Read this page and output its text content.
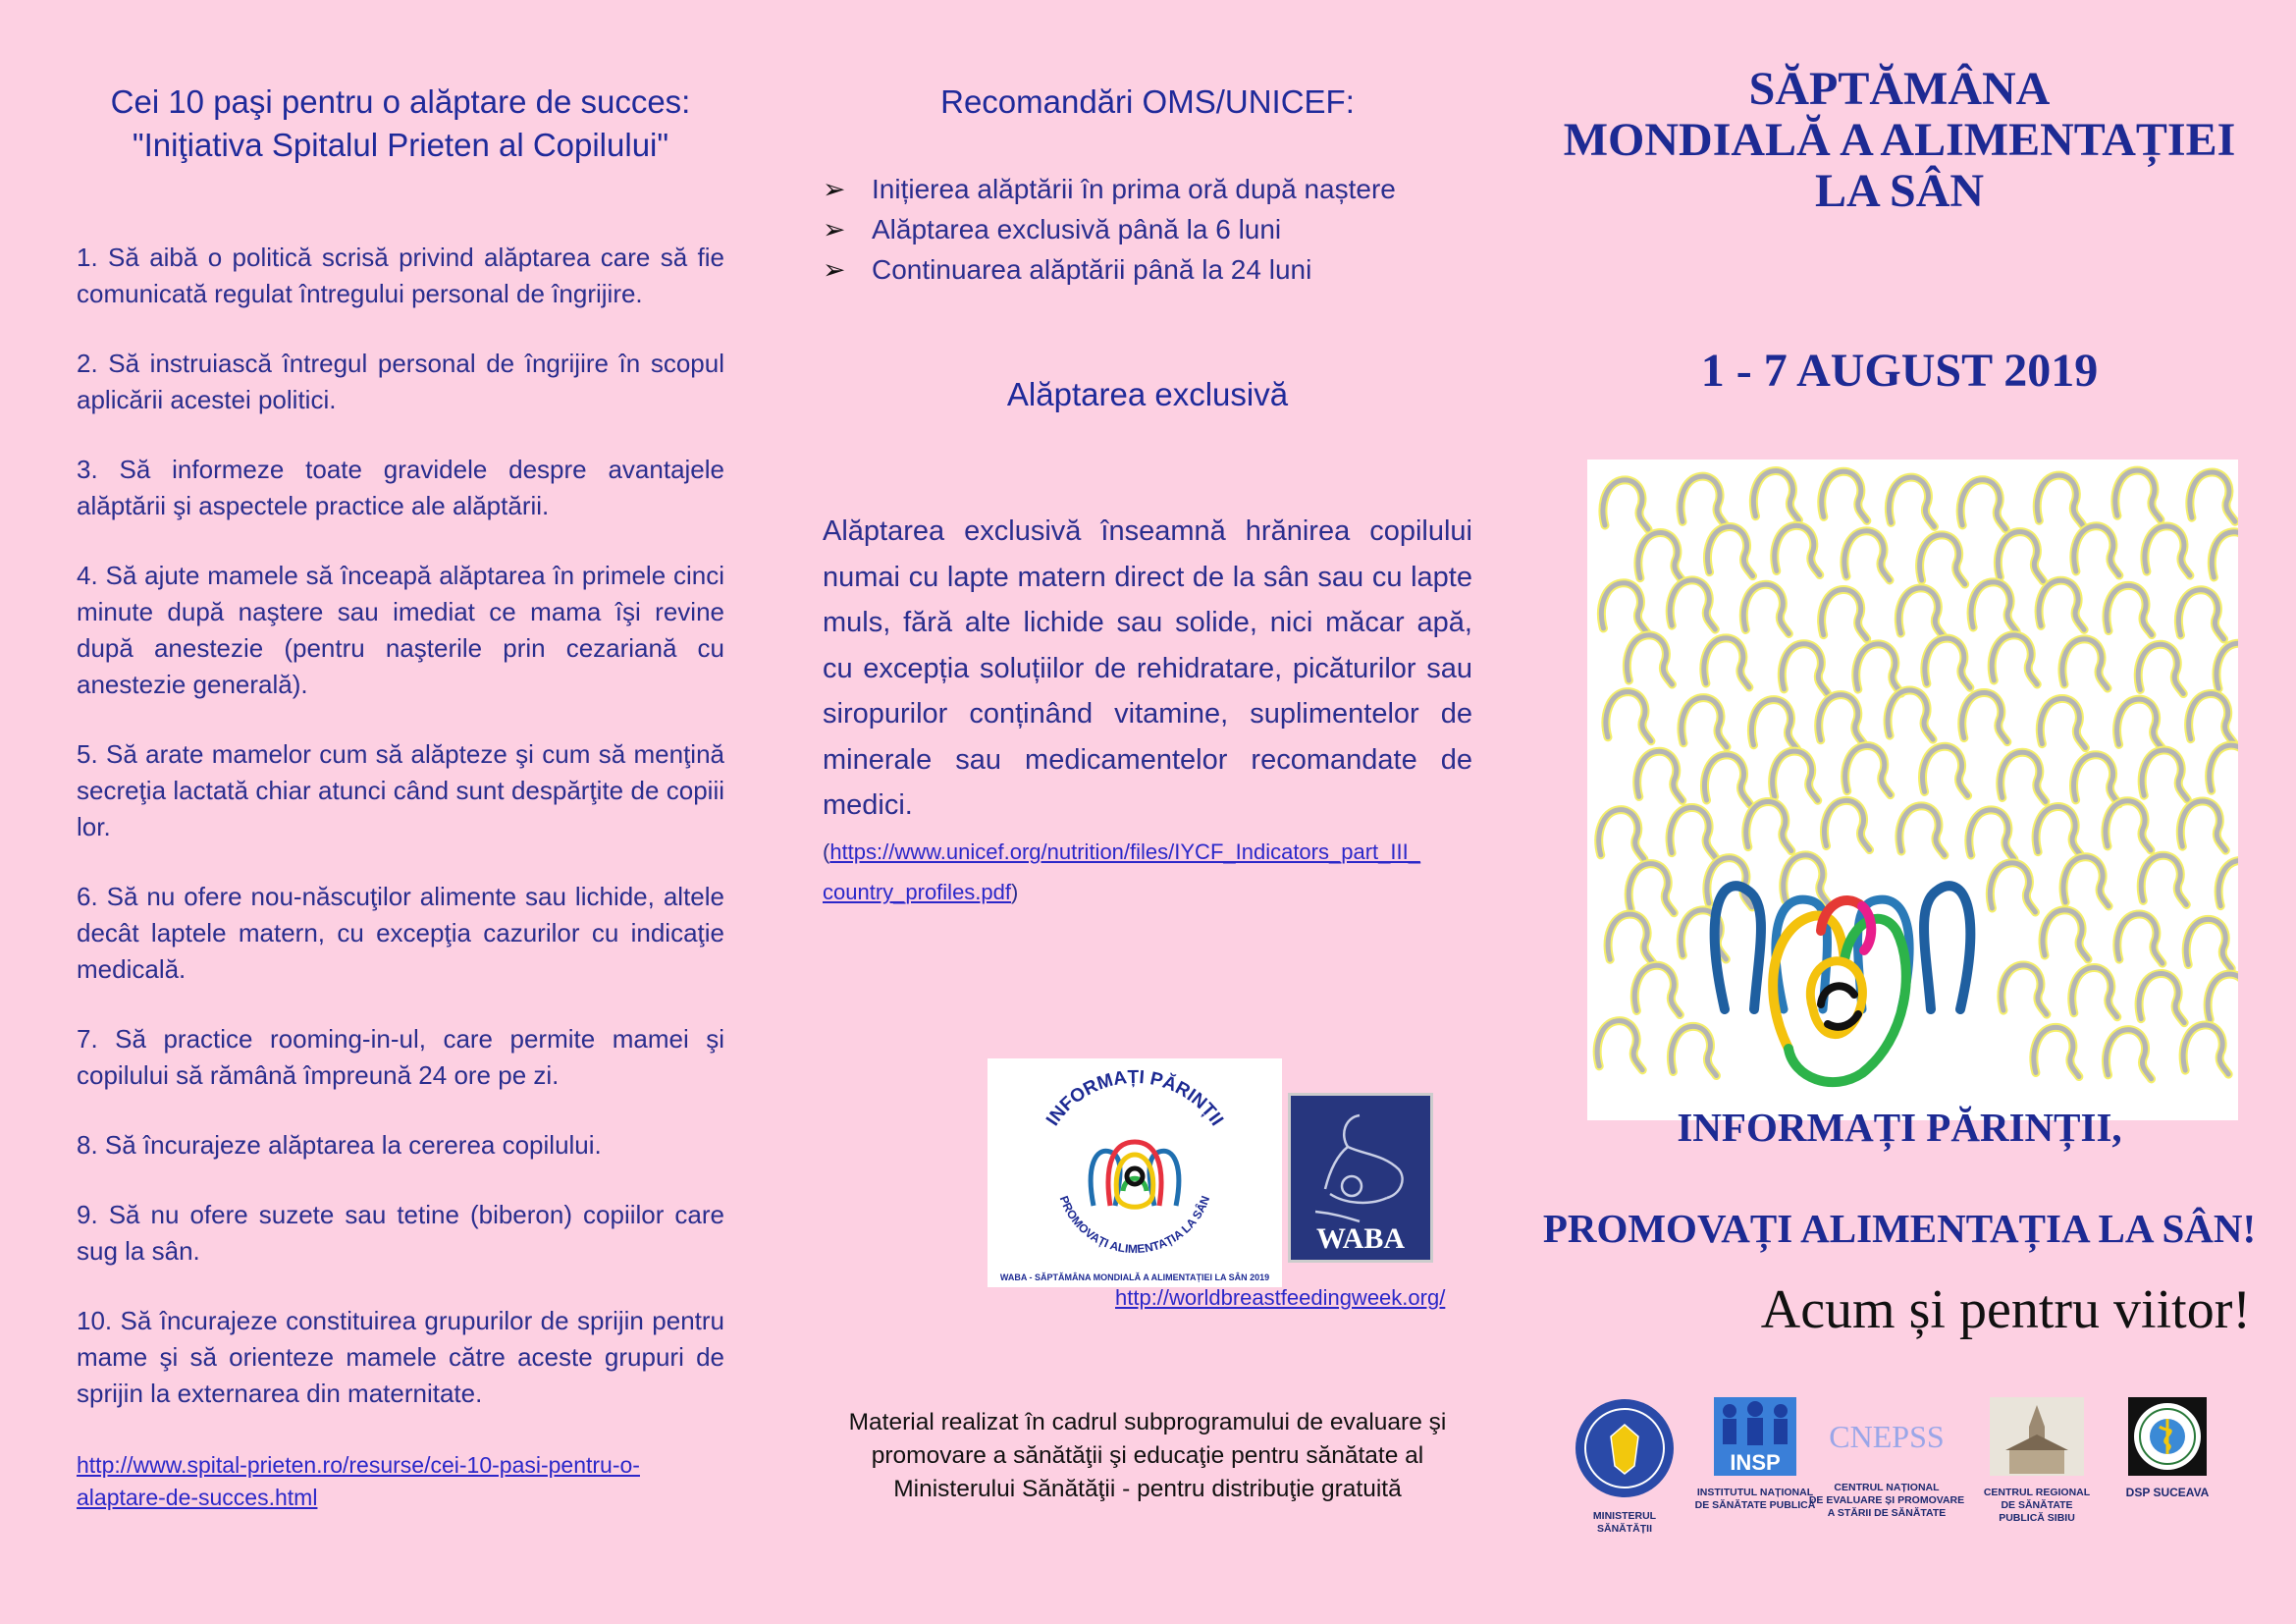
Cei 10 paşi pentru o alăptare de succes:
"Iniţiativa Spitalul Prieten al Copilului"
1. Să aibă o politică scrisă privind alăptarea care să fie comunicată regulat întregului personal de îngrijire.
2. Să instruiască întregul personal de îngrijire în scopul aplicării acestei politici.
3. Să informeze toate gravidele despre avantajele alăptării şi aspectele practice ale alăptării.
4. Să ajute mamele să înceapă alăptarea în primele cinci minute după naştere sau imediat ce mama îşi revine după anestezie (pentru naşterile prin cezariană cu anestezie generală).
5. Să arate mamelor cum să alăpteze şi cum să menţină secreţia lactată chiar atunci când sunt despărţite de copiii lor.
6. Să nu ofere nou-născuţilor alimente sau lichide, altele decât laptele matern, cu excepţia cazurilor cu indicaţie medicală.
7. Să practice rooming-in-ul, care permite mamei şi copilului să rămână împreună 24 ore pe zi.
8. Să încurajeze alăptarea la cererea copilului.
9. Să nu ofere suzete sau tetine (biberon) copiilor care sug la sân.
10. Să încurajeze constituirea grupurilor de sprijin pentru mame şi să orienteze mamele către aceste grupuri de sprijin la externarea din maternitate.
http://www.spital-prieten.ro/resurse/cei-10-pasi-pentru-o-
alaptare-de-succes.html
Recomandări OMS/UNICEF:
➢ Inițierea alăptării în prima oră după naștere
➢ Alăptarea exclusivă până la 6 luni
➢ Continuarea alăptării până la 24 luni
Alăptarea exclusivă
Alăptarea exclusivă înseamnă hrănirea copilului numai cu lapte matern direct de la sân sau cu lapte muls, fără alte lichide sau solide, nici măcar apă, cu excepția soluțiilor de rehidratare, picăturilor sau siropurilor conținând vitamine, suplimentelor de minerale sau medicamentelor recomandate de medici.
(https://www.unicef.org/nutrition/files/IYCF_Indicators_part_III_
country_profiles.pdf)
INFORMAȚI PĂRINȚII
PROMOVAȚI ALIMENTAȚIA LA SÂN
WABA - SĂPTĂMÂNA MONDIALĂ A ALIMENTAȚIEI LA SÂN 2019
WABA
http://worldbreastfeedingweek.org/
Material realizat în cadrul subprogramului de evaluare şi
promovare a sănătăţii şi educaţie pentru sănătate al
Ministerului Sănătăţii - pentru distribuţie gratuită
SĂPTĂMÂNA
MONDIALĂ A ALIMENTAȚIEI
LA SÂN
1 - 7 AUGUST 2019
INFORMAȚI PĂRINȚII,
PROMOVAȚI ALIMENTAȚIA LA SÂN!
Acum și pentru viitor!
MINISTERUL
SĂNĂTĂȚII
INSP
INSTITUTUL NAȚIONAL
DE SĂNĂTATE PUBLICĂ
CNEPSS
CENTRUL NAȚIONAL
DE EVALUARE ȘI PROMOVARE
A STĂRII DE SĂNĂTATE
CENTRUL REGIONAL
DE SĂNĂTATE
PUBLICĂ SIBIU
DSP SUCEAVA
